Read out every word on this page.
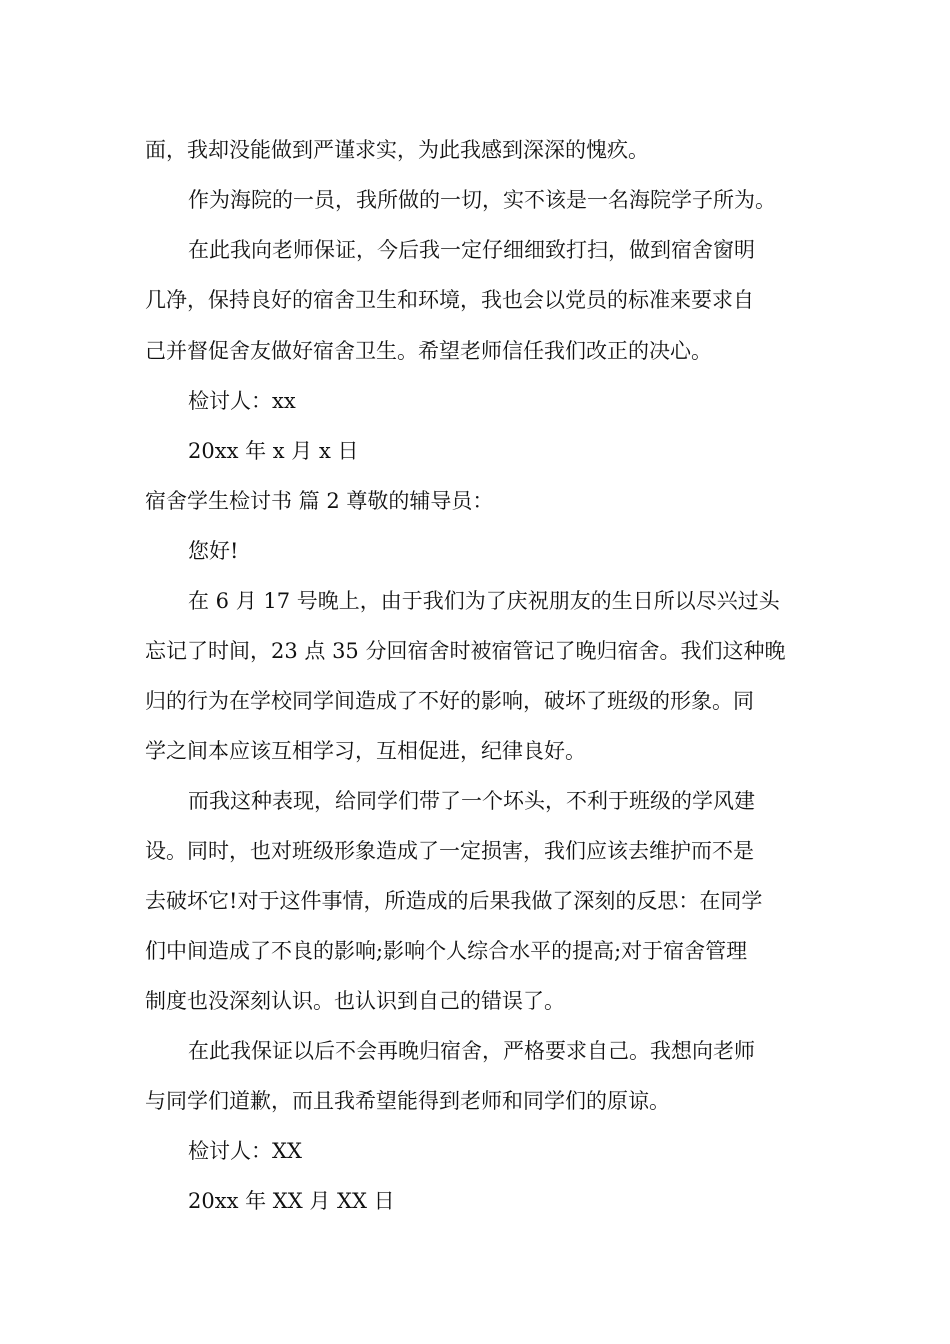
面，我却没能做到严谨求实，为此我感到深深的愧疚。
作为海院的一员，我所做的一切，实不该是一名海院学子所为。
在此我向老师保证，今后我一定仔细细致打扫，做到宿舍窗明
几净，保持良好的宿舍卫生和环境，我也会以党员的标准来要求自
己并督促舍友做好宿舍卫生。希望老师信任我们改正的决心。
检讨人：xx
20xx 年 x 月 x 日
宿舍学生检讨书 篇 2 尊敬的辅导员：
您好!
在 6 月 17 号晚上，由于我们为了庆祝朋友的生日所以尽兴过头
忘记了时间，23 点 35 分回宿舍时被宿管记了晚归宿舍。我们这种晚
归的行为在学校同学间造成了不好的影响，破坏了班级的形象。同
学之间本应该互相学习，互相促进，纪律良好。
而我这种表现，给同学们带了一个坏头，不利于班级的学风建
设。同时，也对班级形象造成了一定损害，我们应该去维护而不是
去破坏它!对于这件事情，所造成的后果我做了深刻的反思：在同学
们中间造成了不良的影响;影响个人综合水平的提高;对于宿舍管理
制度也没深刻认识。也认识到自己的错误了。
在此我保证以后不会再晚归宿舍，严格要求自己。我想向老师
与同学们道歉，而且我希望能得到老师和同学们的原谅。
检讨人：XX
20xx 年 XX 月 XX 日
